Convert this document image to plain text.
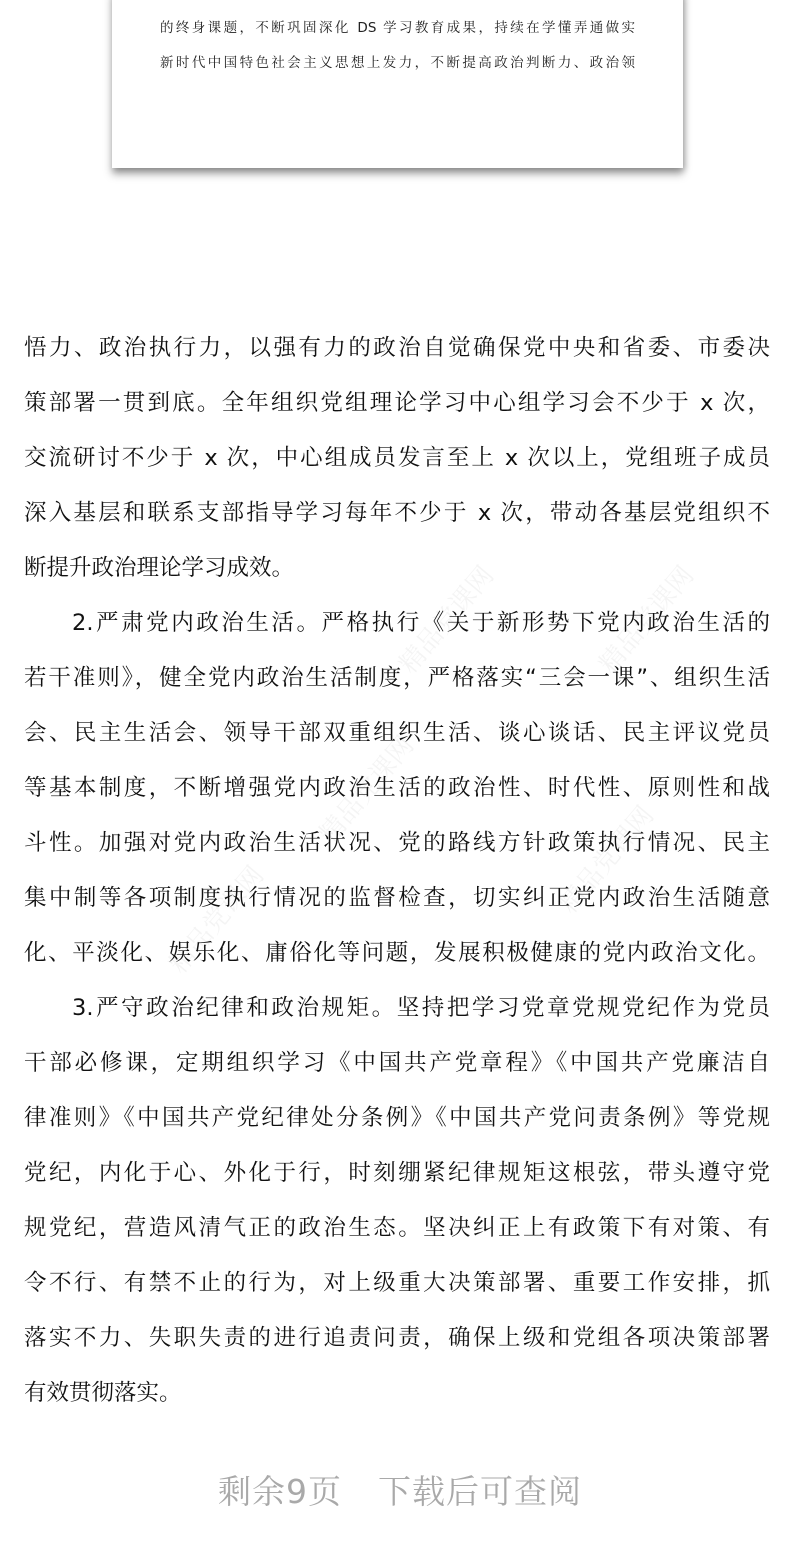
的终身课题，不断巩固深化 DS 学习教育成果，持续在学懂弄通做实
新时代中国特色社会主义思想上发力，不断提高政治判断力、政治领
悟力、政治执行力，以强有力的政治自觉确保党中央和省委、市委决
策部署一贯到底。全年组织党组理论学习中心组学习会不少于 x 次，
交流研讨不少于 x 次，中心组成员发言至上 x 次以上，党组班子成员
深入基层和联系支部指导学习每年不少于 x 次，带动各基层党组织不
断提升政治理论学习成效。
2.严肃党内政治生活。严格执行《关于新形势下党内政治生活的
若干准则》，健全党内政治生活制度，严格落实“三会一课”、组织生活
会、民主生活会、领导干部双重组织生活、谈心谈话、民主评议党员
等基本制度，不断增强党内政治生活的政治性、时代性、原则性和战
斗性。加强对党内政治生活状况、党的路线方针政策执行情况、民主
集中制等各项制度执行情况的监督检查，切实纠正党内政治生活随意
化、平淡化、娱乐化、庸俗化等问题，发展积极健康的党内政治文化。
3.严守政治纪律和政治规矩。坚持把学习党章党规党纪作为党员
干部必修课，定期组织学习《中国共产党章程》《中国共产党廉洁自
律准则》《中国共产党纪律处分条例》《中国共产党问责条例》等党规
党纪，内化于心、外化于行，时刻绷紧纪律规矩这根弦，带头遵守党
规党纪，营造风清气正的政治生态。坚决纠正上有政策下有对策、有
令不行、有禁不止的行为，对上级重大决策部署、重要工作安排，抓
落实不力、失职失责的进行追责问责，确保上级和党组各项决策部署
有效贯彻落实。
剩余9页 下载后可查阅
